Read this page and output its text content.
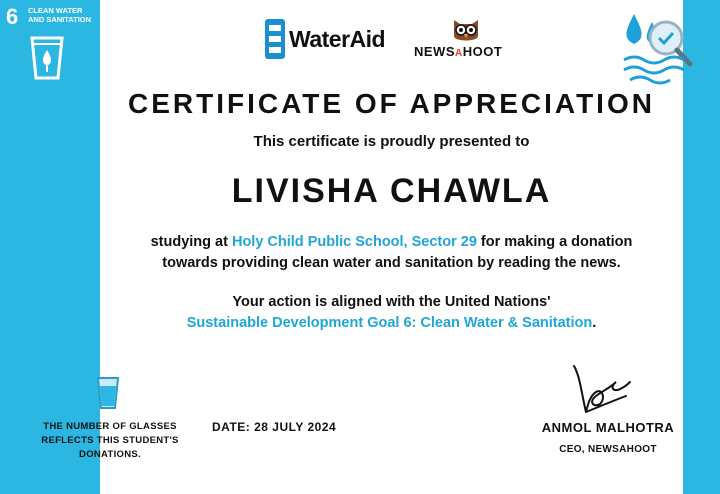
6 CLEAN WATER AND SANITATION
WaterAid NEWSAHOOT
CERTIFICATE OF APPRECIATION
This certificate is proudly presented to
LIVISHA CHAWLA
studying at Holy Child Public School, Sector 29 for making a donation
towards providing clean water and sanitation by reading the news.
Your action is aligned with the United Nations'
Sustainable Development Goal 6: Clean Water & Sanitation.
THE NUMBER OF GLASSES REFLECTS THIS STUDENT'S DONATIONS.
DATE: 28 JULY 2024	ANMOL MALHOTRA
CEO, NEWSAHOOT
